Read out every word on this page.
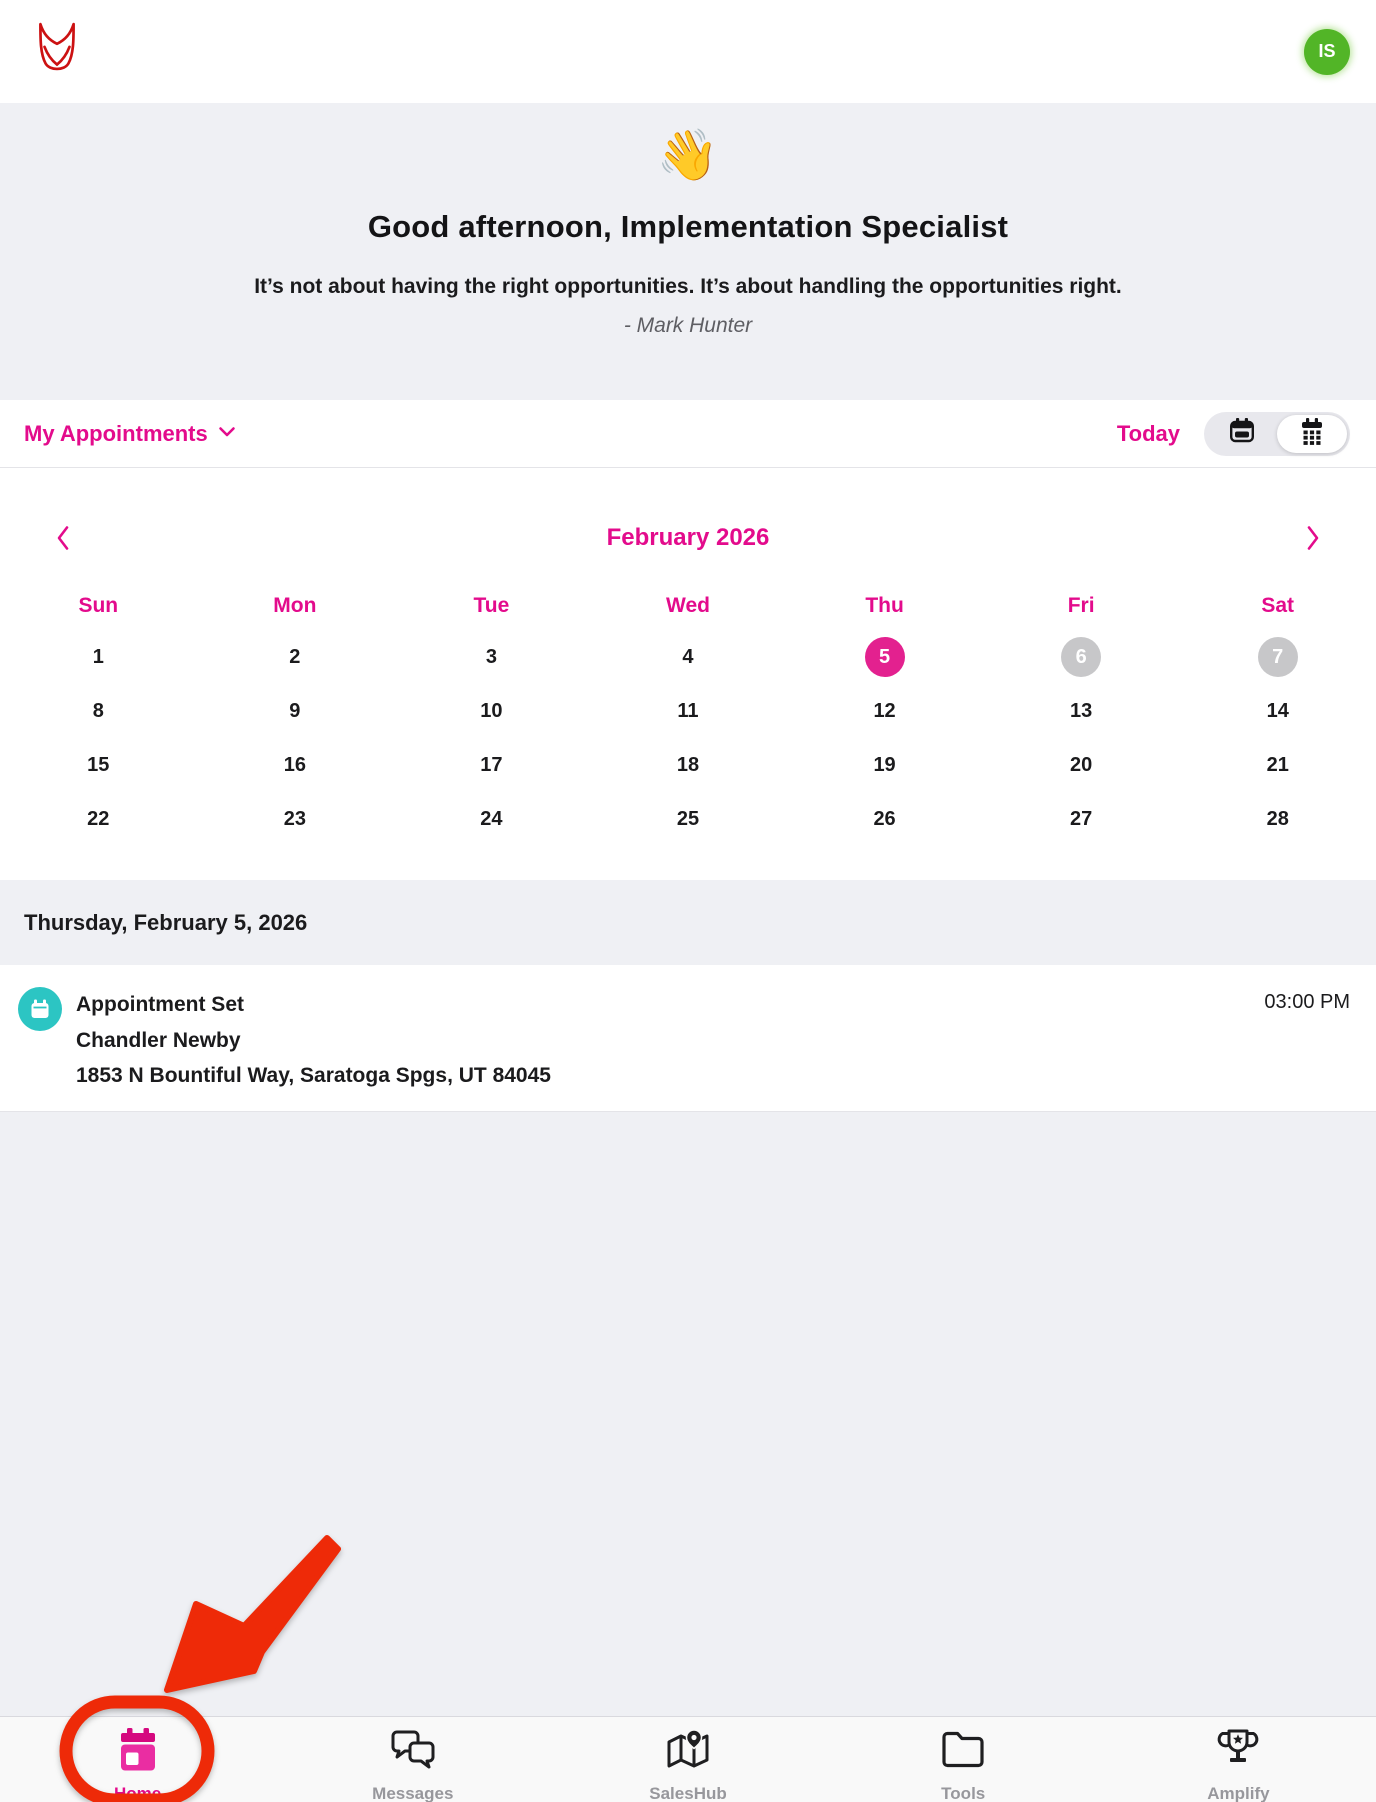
IS
👋
Good afternoon, Implementation Specialist
It’s not about having the right opportunities. It’s about handling the opportunities right.
- Mark Hunter
My Appointments	Today
February 2026
Sun	Mon	Tue	Wed	Thu	Fri	Sat
1	2	3	4	5	6	7
8	9	10	11	12	13	14
15	16	17	18	19	20	21
22	23	24	25	26	27	28
Thursday, February 5, 2026
Appointment Set
Chandler Newby
1853 N Bountiful Way, Saratoga Spgs, UT 84045
03:00 PM
Home	Messages	SalesHub	Tools	Amplify
